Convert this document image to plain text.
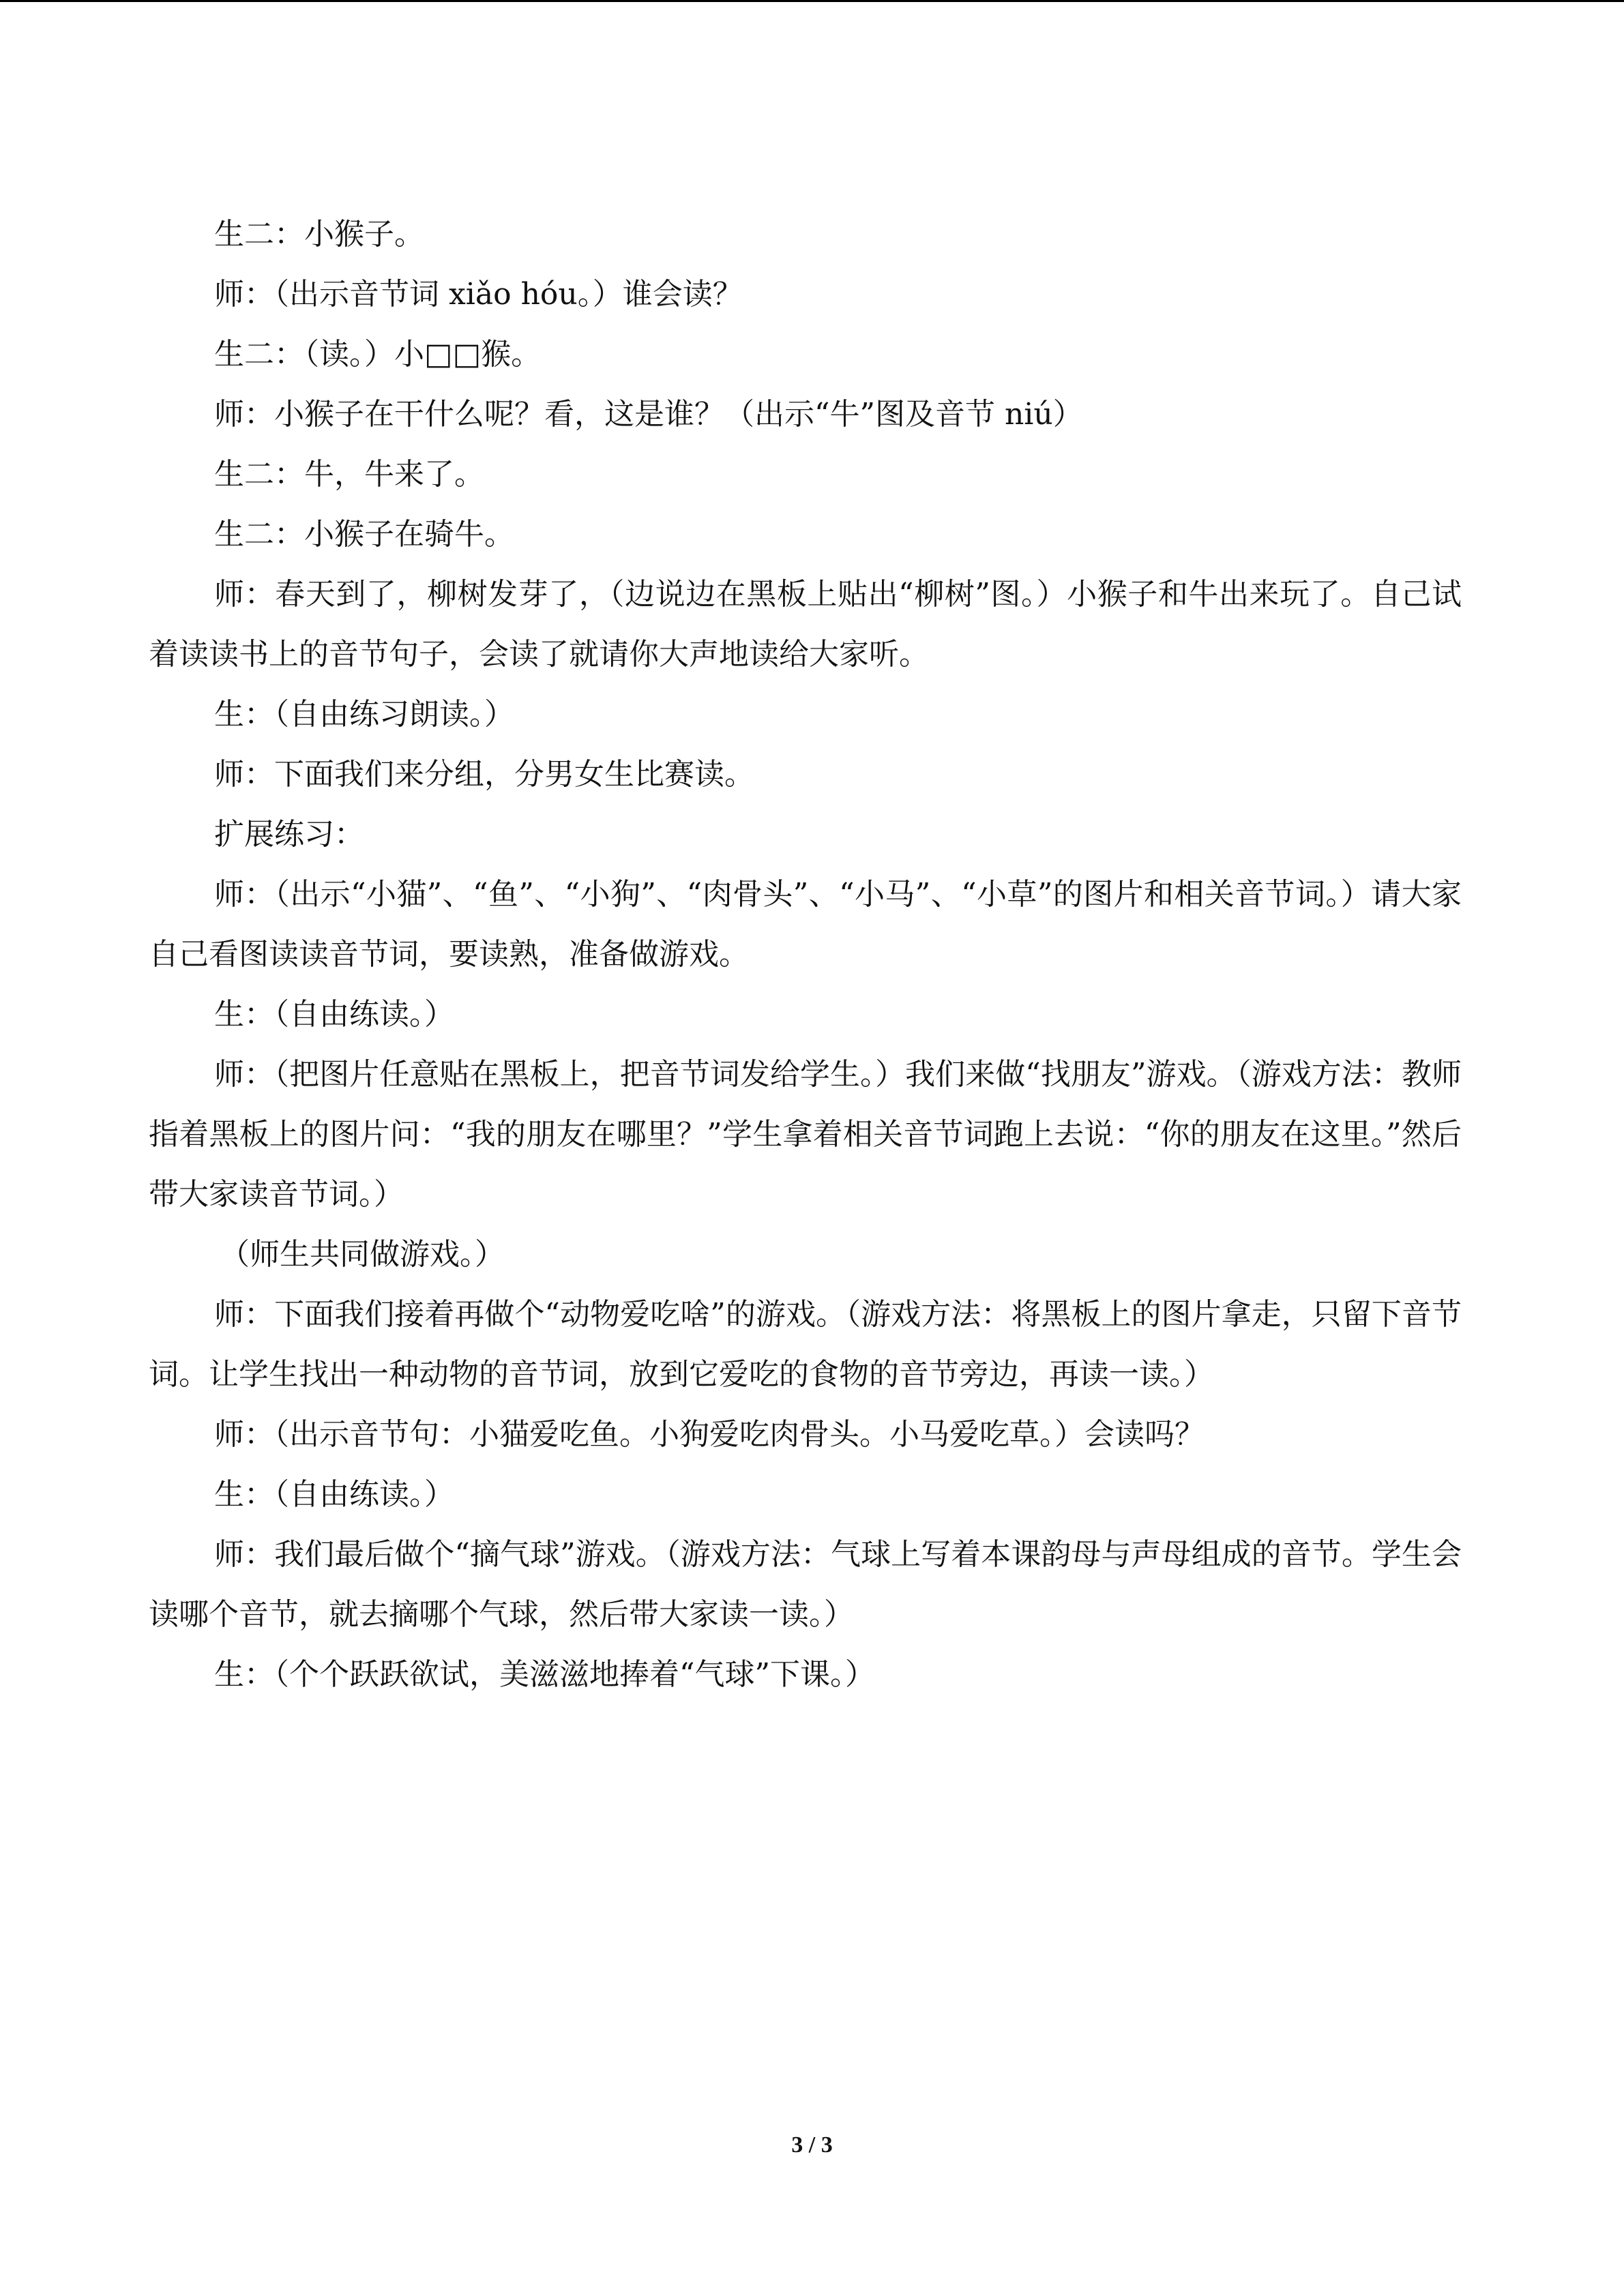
生二：小猴子。

师：（出示音节词 xiǎo hóu。）谁会读？

生二：（读。）小□□猴。

师：小猴子在干什么呢？看，这是谁？（出示“牛”图及音节 niú）

生二：牛，牛来了。

生二：小猴子在骑牛。

师：春天到了，柳树发芽了，（边说边在黑板上贴出“柳树”图。）小猴子和牛出来玩了。自己试着读读书上的音节句子，会读了就请你大声地读给大家听。

生：（自由练习朗读。）

师：下面我们来分组，分男女生比赛读。

扩展练习：

师：（出示“小猫”、“鱼”、“小狗”、“肉骨头”、“小马”、“小草”的图片和相关音节词。）请大家自己看图读读音节词，要读熟，准备做游戏。

生：（自由练读。）

师：（把图片任意贴在黑板上，把音节词发给学生。）我们来做“找朋友”游戏。（游戏方法：教师指着黑板上的图片问：“我的朋友在哪里？”学生拿着相关音节词跑上去说：“你的朋友在这里。”然后带大家读音节词。）

（师生共同做游戏。）

师：下面我们接着再做个“动物爱吃啥”的游戏。（游戏方法：将黑板上的图片拿走，只留下音节词。让学生找出一种动物的音节词，放到它爱吃的食物的音节旁边，再读一读。）

师：（出示音节句：小猫爱吃鱼。小狗爱吃肉骨头。小马爱吃草。）会读吗？

生：（自由练读。）

师：我们最后做个“摘气球”游戏。（游戏方法：气球上写着本课韵母与声母组成的音节。学生会读哪个音节，就去摘哪个气球，然后带大家读一读。）

生：（个个跃跃欲试，美滋滋地捧着“气球”下课。）

3 / 3
